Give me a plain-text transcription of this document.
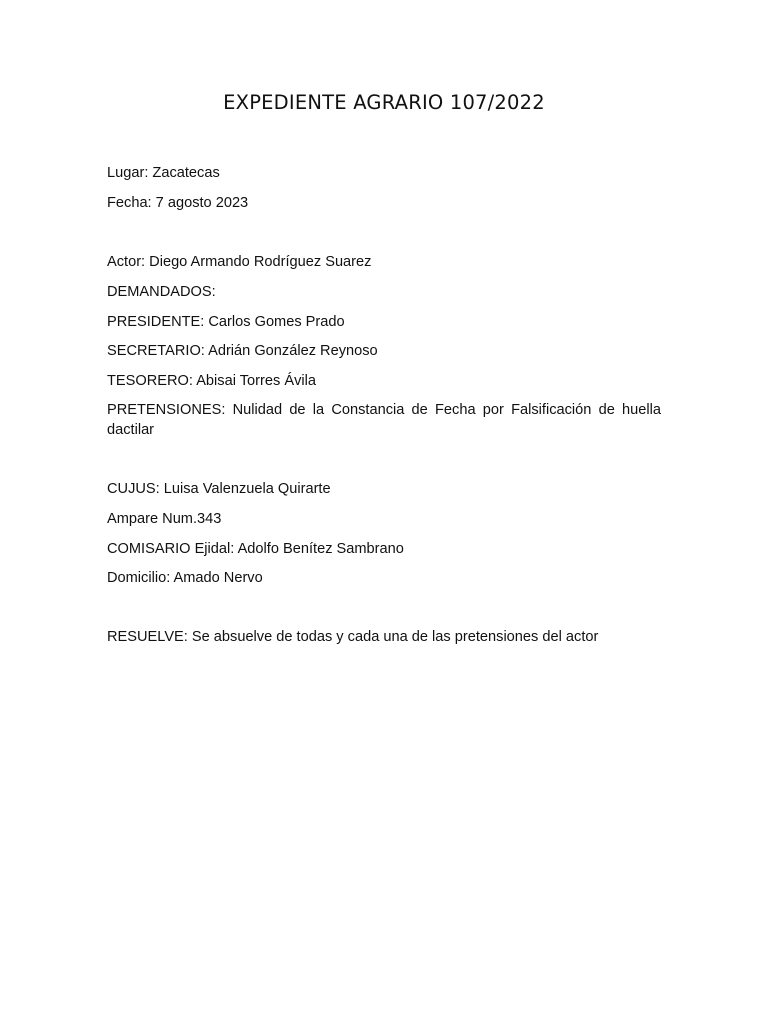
EXPEDIENTE AGRARIO 107/2022
Lugar: Zacatecas
Fecha: 7 agosto 2023
Actor: Diego Armando Rodríguez Suarez
DEMANDADOS:
PRESIDENTE: Carlos Gomes Prado
SECRETARIO: Adrián González Reynoso
TESORERO: Abisai Torres Ávila
PRETENSIONES: Nulidad de la Constancia de Fecha por Falsificación de huella dactilar
CUJUS: Luisa Valenzuela Quirarte
Ampare Num.343
COMISARIO Ejidal: Adolfo Benítez Sambrano
Domicilio: Amado Nervo
RESUELVE: Se absuelve de todas y cada una de las pretensiones del actor
